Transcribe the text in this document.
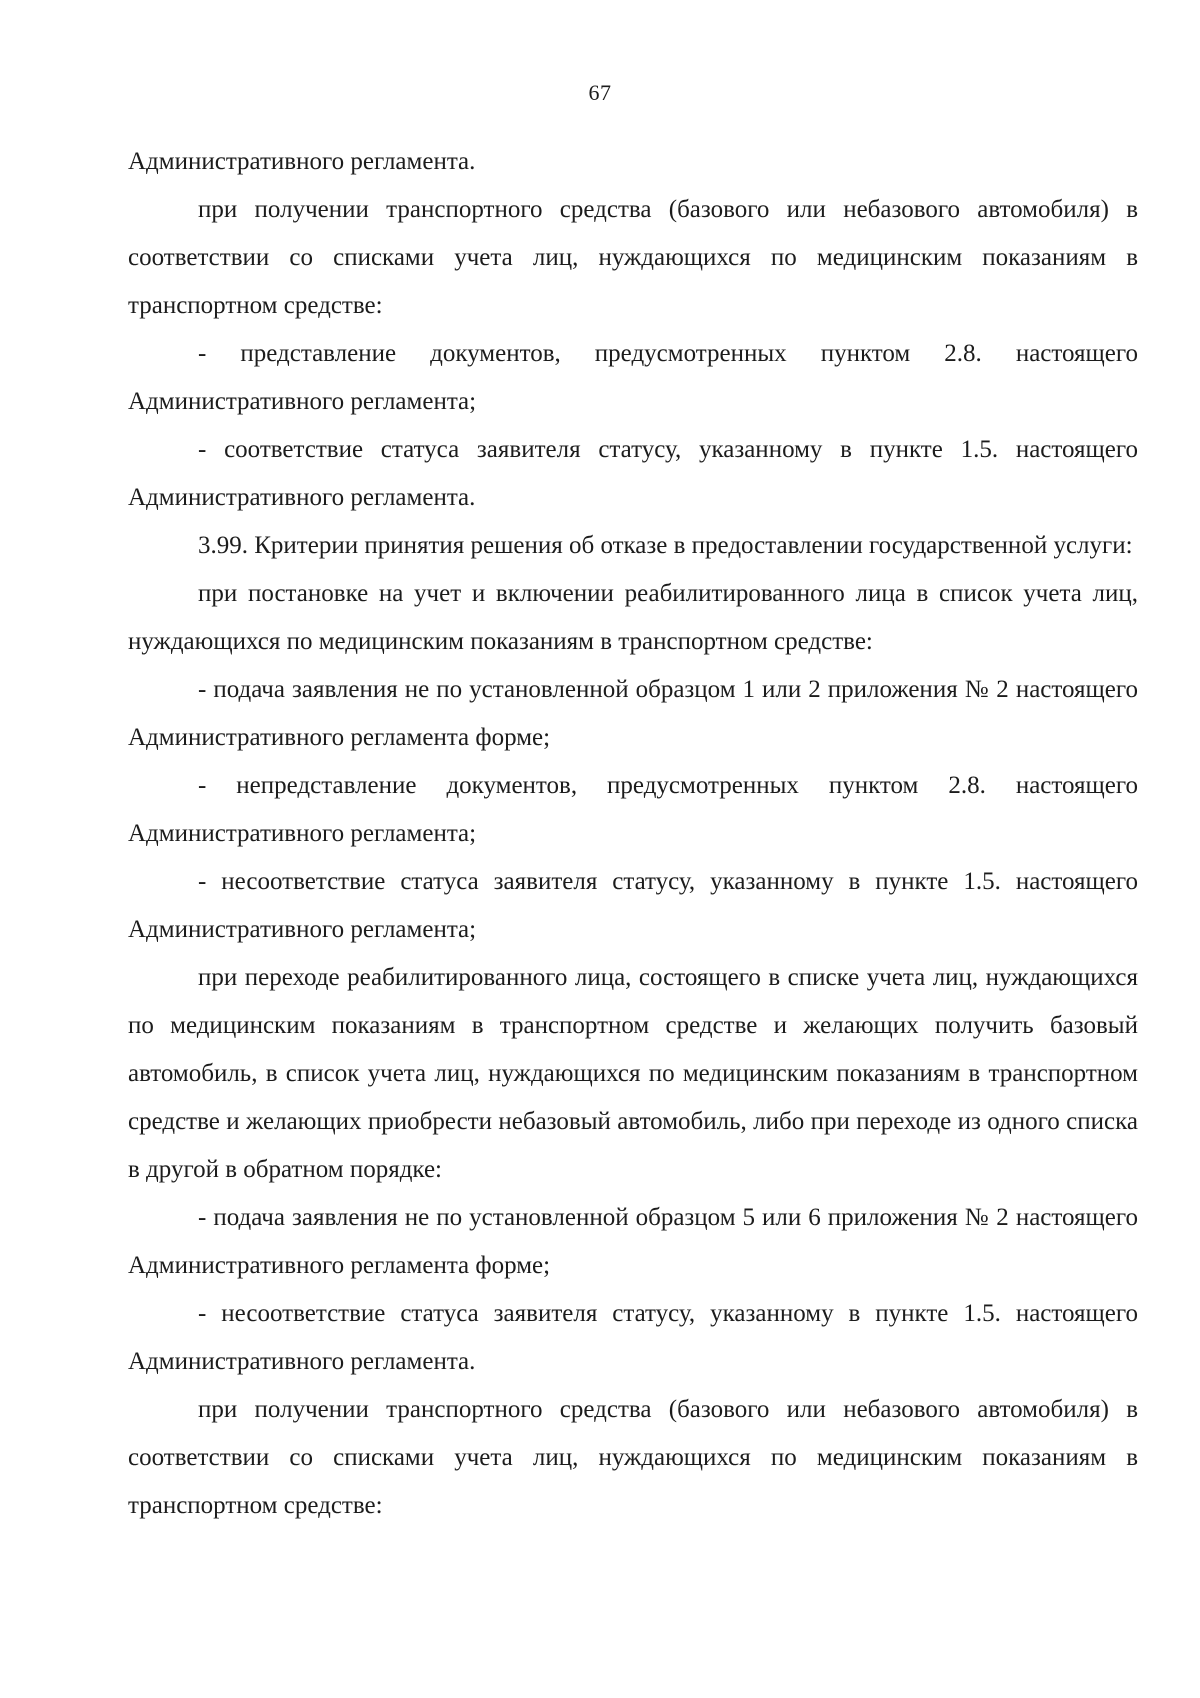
67

Административного регламента.

при получении транспортного средства (базового или небазового автомобиля) в соответствии со списками учета лиц, нуждающихся по медицинским показаниям в транспортном средстве:

- представление документов, предусмотренных пунктом 2.8. настоящего Административного регламента;

- соответствие статуса заявителя статусу, указанному в пункте 1.5. настоящего Административного регламента.

3.99. Критерии принятия решения об отказе в предоставлении государственной услуги:

при постановке на учет и включении реабилитированного лица в список учета лиц, нуждающихся по медицинским показаниям в транспортном средстве:

- подача заявления не по установленной образцом 1 или 2 приложения № 2 настоящего Административного регламента форме;

- непредставление документов, предусмотренных пунктом 2.8. настоящего Административного регламента;

- несоответствие статуса заявителя статусу, указанному в пункте 1.5. настоящего Административного регламента;

при переходе реабилитированного лица, состоящего в списке учета лиц, нуждающихся по медицинским показаниям в транспортном средстве и желающих получить базовый автомобиль, в список учета лиц, нуждающихся по медицинским показаниям в транспортном средстве и желающих приобрести небазовый автомобиль, либо при переходе из одного списка в другой в обратном порядке:

- подача заявления не по установленной образцом 5 или 6 приложения № 2 настоящего Административного регламента форме;

- несоответствие статуса заявителя статусу, указанному в пункте 1.5. настоящего Административного регламента.

при получении транспортного средства (базового или небазового автомобиля) в соответствии со списками учета лиц, нуждающихся по медицинским показаниям в транспортном средстве:
